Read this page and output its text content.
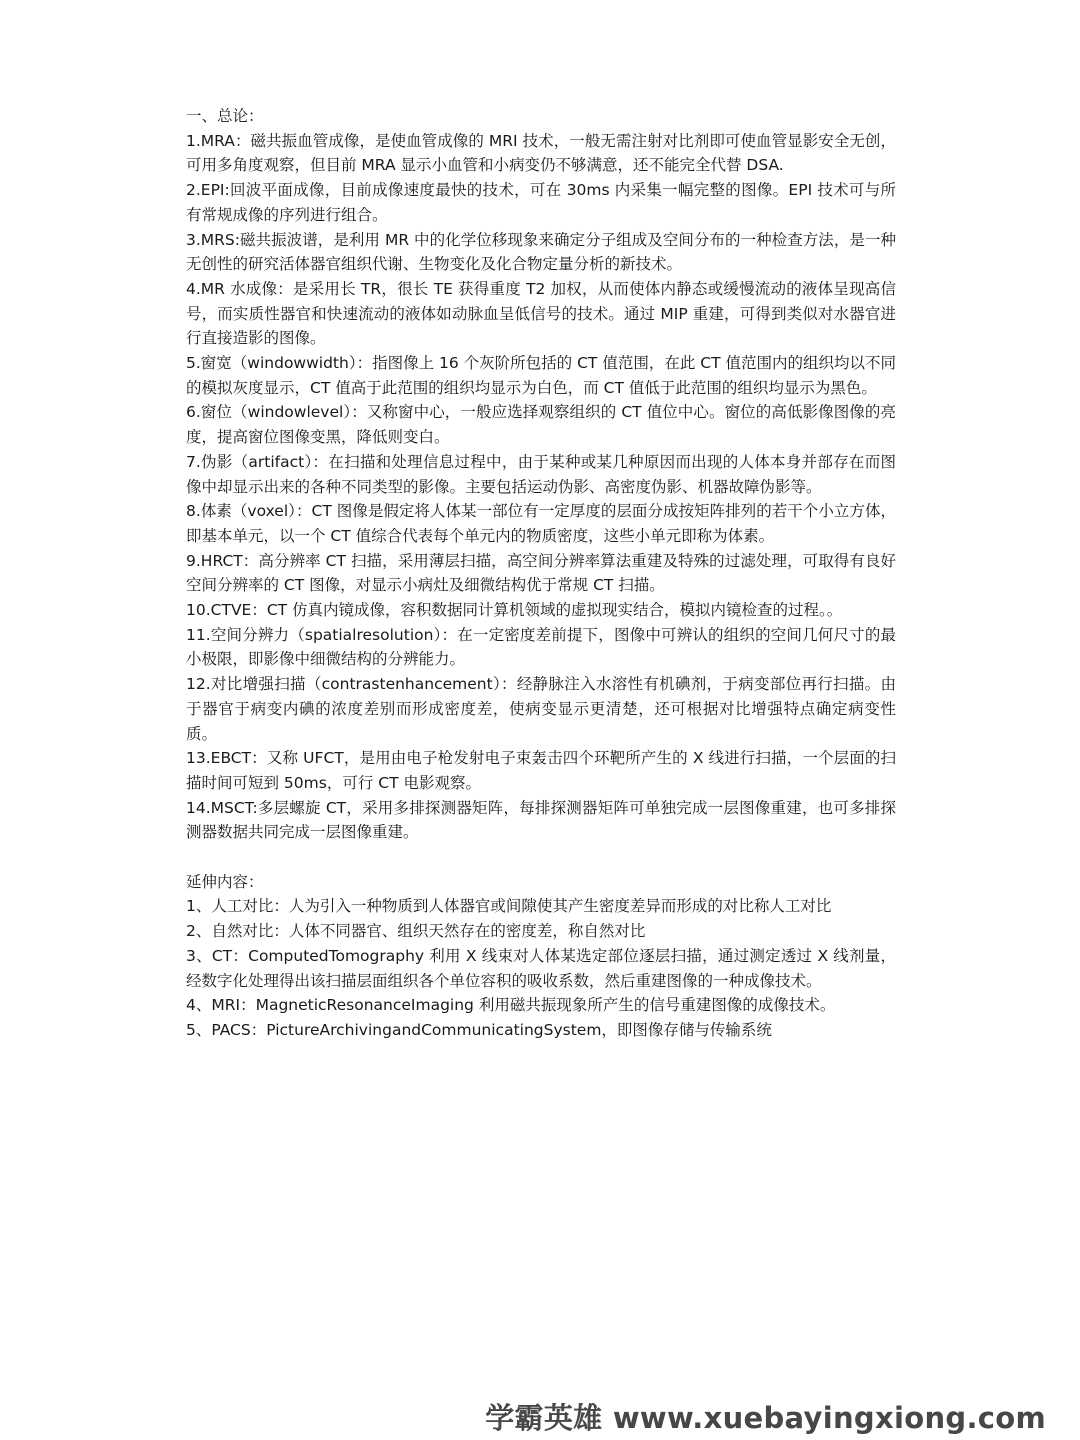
一、总论：

1.MRA：磁共振血管成像，是使血管成像的 MRI 技术，一般无需注射对比剂即可使血管显影安全无创，可用多角度观察，但目前 MRA 显示小血管和小病变仍不够满意，还不能完全代替 DSA.

2.EPI:回波平面成像，目前成像速度最快的技术，可在 30ms 内采集一幅完整的图像。EPI 技术可与所有常规成像的序列进行组合。

3.MRS:磁共振波谱，是利用 MR 中的化学位移现象来确定分子组成及空间分布的一种检查方法，是一种无创性的研究活体器官组织代谢、生物变化及化合物定量分析的新技术。

4.MR 水成像：是采用长 TR，很长 TE 获得重度 T2 加权，从而使体内静态或缓慢流动的液体呈现高信号，而实质性器官和快速流动的液体如动脉血呈低信号的技术。通过 MIP 重建，可得到类似对水器官进行直接造影的图像。

5.窗宽（windowwidth）：指图像上 16 个灰阶所包括的 CT 值范围，在此 CT 值范围内的组织均以不同的模拟灰度显示，CT 值高于此范围的组织均显示为白色，而 CT 值低于此范围的组织均显示为黑色。

6.窗位（windowlevel）：又称窗中心，一般应选择观察组织的 CT 值位中心。窗位的高低影像图像的亮度，提高窗位图像变黑，降低则变白。

7.伪影（artifact）：在扫描和处理信息过程中，由于某种或某几种原因而出现的人体本身并部存在而图像中却显示出来的各种不同类型的影像。主要包括运动伪影、高密度伪影、机器故障伪影等。

8.体素（voxel）：CT 图像是假定将人体某一部位有一定厚度的层面分成按矩阵排列的若干个小立方体，即基本单元，以一个 CT 值综合代表每个单元内的物质密度，这些小单元即称为体素。

9.HRCT：高分辨率 CT 扫描，采用薄层扫描，高空间分辨率算法重建及特殊的过滤处理，可取得有良好空间分辨率的 CT 图像，对显示小病灶及细微结构优于常规 CT 扫描。

10.CTVE：CT 仿真内镜成像，容积数据同计算机领域的虚拟现实结合，模拟内镜检查的过程。。

11.空间分辨力（spatialresolution）：在一定密度差前提下，图像中可辨认的组织的空间几何尺寸的最小极限，即影像中细微结构的分辨能力。

12.对比增强扫描（contrastenhancement）：经静脉注入水溶性有机碘剂，于病变部位再行扫描。由于器官于病变内碘的浓度差别而形成密度差，使病变显示更清楚，还可根据对比增强特点确定病变性质。

13.EBCT：又称 UFCT，是用由电子枪发射电子束轰击四个环靶所产生的 X 线进行扫描，一个层面的扫描时间可短到 50ms，可行 CT 电影观察。

14.MSCT:多层螺旋 CT，采用多排探测器矩阵，每排探测器矩阵可单独完成一层图像重建，也可多排探测器数据共同完成一层图像重建。

延伸内容：

1、人工对比：人为引入一种物质到人体器官或间隙使其产生密度差异而形成的对比称人工对比

2、自然对比：人体不同器官、组织天然存在的密度差，称自然对比

3、CT：ComputedTomography 利用 X 线束对人体某选定部位逐层扫描，通过测定透过 X 线剂量，经数字化处理得出该扫描层面组织各个单位容积的吸收系数，然后重建图像的一种成像技术。

4、MRI：MagneticResonanceImaging 利用磁共振现象所产生的信号重建图像的成像技术。

5、PACS：PictureArchivingandCommunicatingSystem，即图像存储与传输系统

学霸英雄 www.xuebayingxiong.com
